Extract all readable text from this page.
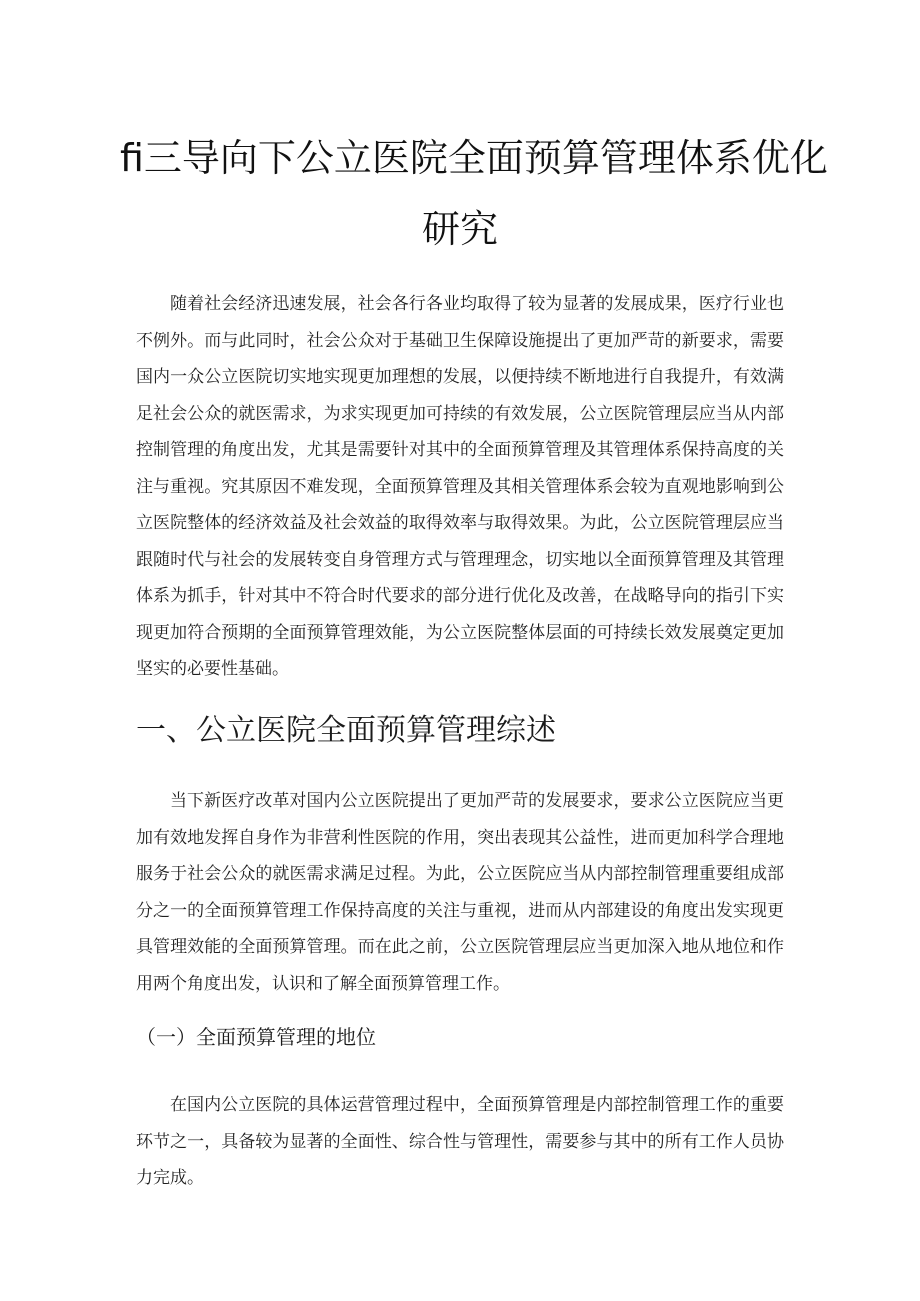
fi三导向下公立医院全面预算管理体系优化
研究

随着社会经济迅速发展，社会各行各业均取得了较为显著的发展成果，医疗行业也不例外。而与此同时，社会公众对于基础卫生保障设施提出了更加严苛的新要求，需要国内一众公立医院切实地实现更加理想的发展，以便持续不断地进行自我提升，有效满足社会公众的就医需求，为求实现更加可持续的有效发展，公立医院管理层应当从内部控制管理的角度出发，尤其是需要针对其中的全面预算管理及其管理体系保持高度的关注与重视。究其原因不难发现，全面预算管理及其相关管理体系会较为直观地影响到公立医院整体的经济效益及社会效益的取得效率与取得效果。为此，公立医院管理层应当跟随时代与社会的发展转变自身管理方式与管理理念，切实地以全面预算管理及其管理体系为抓手，针对其中不符合时代要求的部分进行优化及改善，在战略导向的指引下实现更加符合预期的全面预算管理效能，为公立医院整体层面的可持续长效发展奠定更加坚实的必要性基础。

一、公立医院全面预算管理综述

当下新医疗改革对国内公立医院提出了更加严苛的发展要求，要求公立医院应当更加有效地发挥自身作为非营利性医院的作用，突出表现其公益性，进而更加科学合理地服务于社会公众的就医需求满足过程。为此，公立医院应当从内部控制管理重要组成部分之一的全面预算管理工作保持高度的关注与重视，进而从内部建设的角度出发实现更具管理效能的全面预算管理。而在此之前，公立医院管理层应当更加深入地从地位和作用两个角度出发，认识和了解全面预算管理工作。

（一）全面预算管理的地位

在国内公立医院的具体运营管理过程中，全面预算管理是内部控制管理工作的重要环节之一，具备较为显著的全面性、综合性与管理性，需要参与其中的所有工作人员协力完成。
